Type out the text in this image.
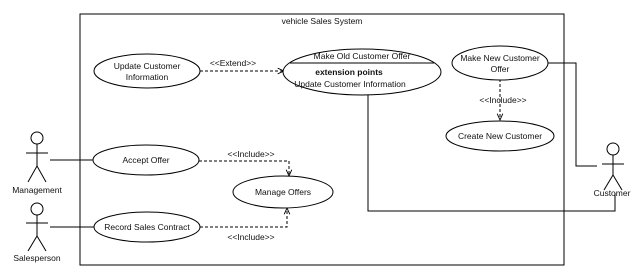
vehicle Sales System
<<Extend>>
<<Include>>
<<Include>>
<<Include>>
Update Customer
Information
Make Old Customer Offer
extension points
Update Customer Information
Make New Customer
Offer
Create New Customer
Accept Offer
Manage Offers
Record Sales Contract
Management
Salesperson
Customer
